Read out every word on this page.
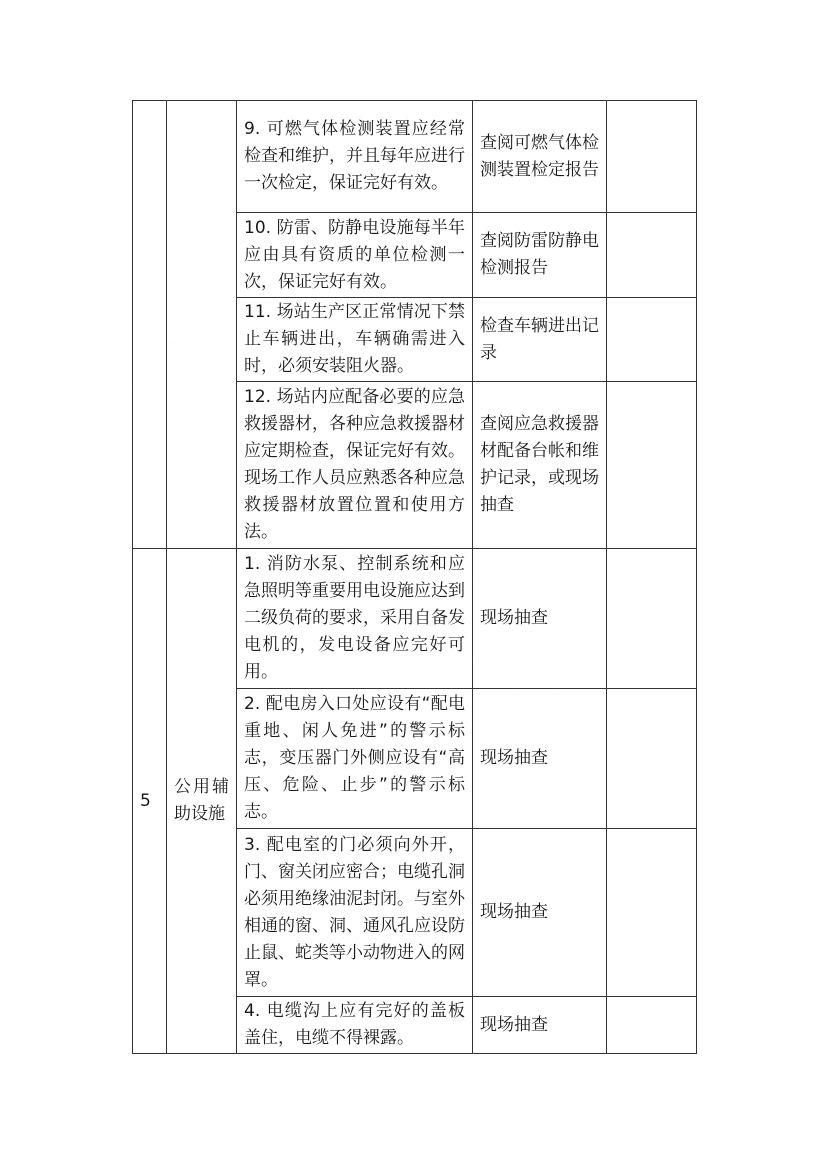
		9. 可燃气体检测装置应经常检查和维护，并且每年应进行一次检定，保证完好有效。	查阅可燃气体检测装置检定报告	
		10. 防雷、防静电设施每半年应由具有资质的单位检测一次，保证完好有效。	查阅防雷防静电检测报告	
		11. 场站生产区正常情况下禁止车辆进出，车辆确需进入时，必须安装阻火器。	检查车辆进出记录	
		12. 场站内应配备必要的应急救援器材，各种应急救援器材应定期检查，保证完好有效。现场工作人员应熟悉各种应急救援器材放置位置和使用方法。	查阅应急救援器材配备台帐和维护记录，或现场抽查	
5	公用辅助设施	1. 消防水泵、控制系统和应急照明等重要用电设施应达到二级负荷的要求，采用自备发电机的，发电设备应完好可用。	现场抽查	
		2. 配电房入口处应设有“配电重地、闲人免进”的警示标志，变压器门外侧应设有“高压、危险、止步”的警示标志。	现场抽查	
		3. 配电室的门必须向外开，门、窗关闭应密合；电缆孔洞必须用绝缘油泥封闭。与室外相通的窗、洞、通风孔应设防止鼠、蛇类等小动物进入的网罩。	现场抽查	
		4. 电缆沟上应有完好的盖板盖住，电缆不得裸露。	现场抽查	
